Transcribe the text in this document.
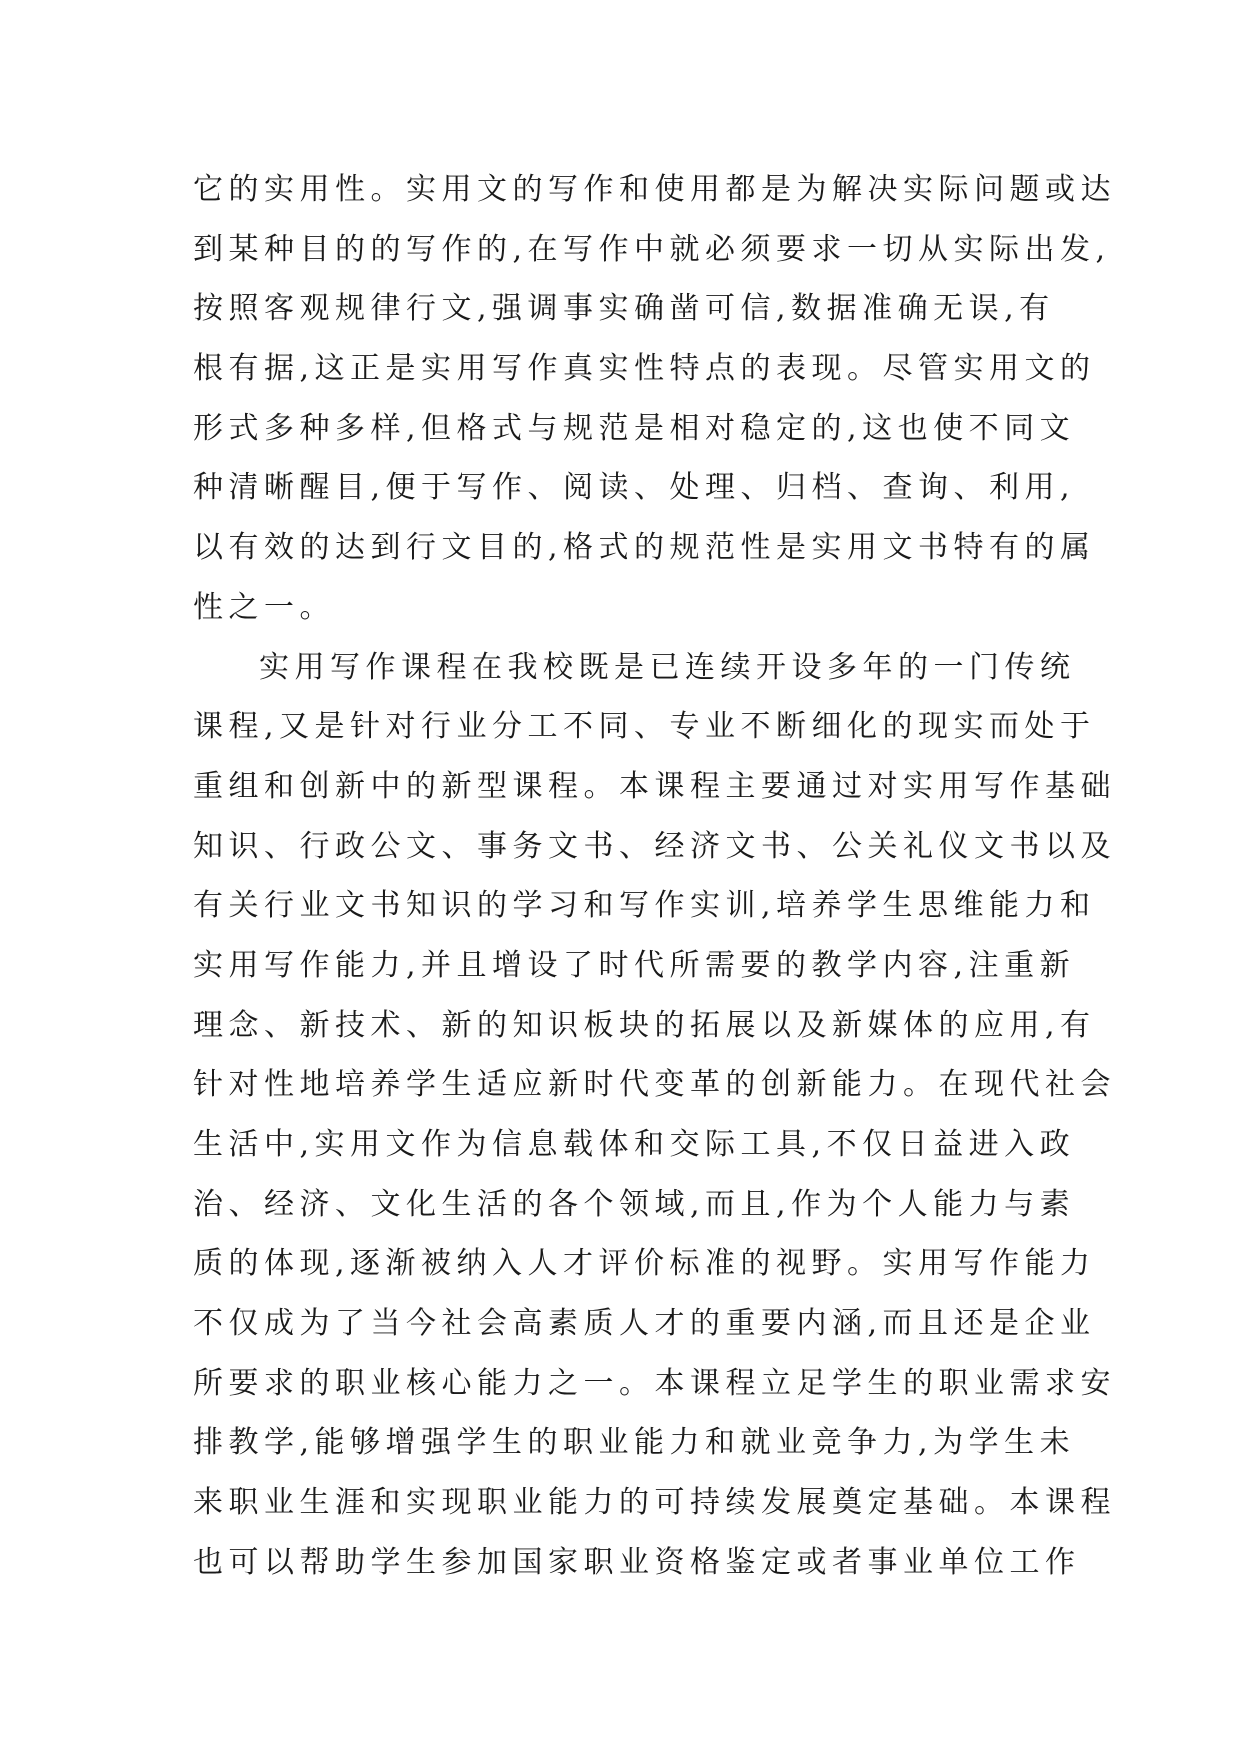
它的实用性。实用文的写作和使用都是为解决实际问题或达
到某种目的的写作的,在写作中就必须要求一切从实际出发,
按照客观规律行文,强调事实确凿可信,数据准确无误,有
根有据,这正是实用写作真实性特点的表现。尽管实用文的
形式多种多样,但格式与规范是相对稳定的,这也使不同文
种清晰醒目,便于写作、阅读、处理、归档、查询、利用,
以有效的达到行文目的,格式的规范性是实用文书特有的属
性之一。
实用写作课程在我校既是已连续开设多年的一门传统
课程,又是针对行业分工不同、专业不断细化的现实而处于
重组和创新中的新型课程。本课程主要通过对实用写作基础
知识、行政公文、事务文书、经济文书、公关礼仪文书以及
有关行业文书知识的学习和写作实训,培养学生思维能力和
实用写作能力,并且增设了时代所需要的教学内容,注重新
理念、新技术、新的知识板块的拓展以及新媒体的应用,有
针对性地培养学生适应新时代变革的创新能力。在现代社会
生活中,实用文作为信息载体和交际工具,不仅日益进入政
治、经济、文化生活的各个领域,而且,作为个人能力与素
质的体现,逐渐被纳入人才评价标准的视野。实用写作能力
不仅成为了当今社会高素质人才的重要内涵,而且还是企业
所要求的职业核心能力之一。本课程立足学生的职业需求安
排教学,能够增强学生的职业能力和就业竞争力,为学生未
来职业生涯和实现职业能力的可持续发展奠定基础。本课程
也可以帮助学生参加国家职业资格鉴定或者事业单位工作
